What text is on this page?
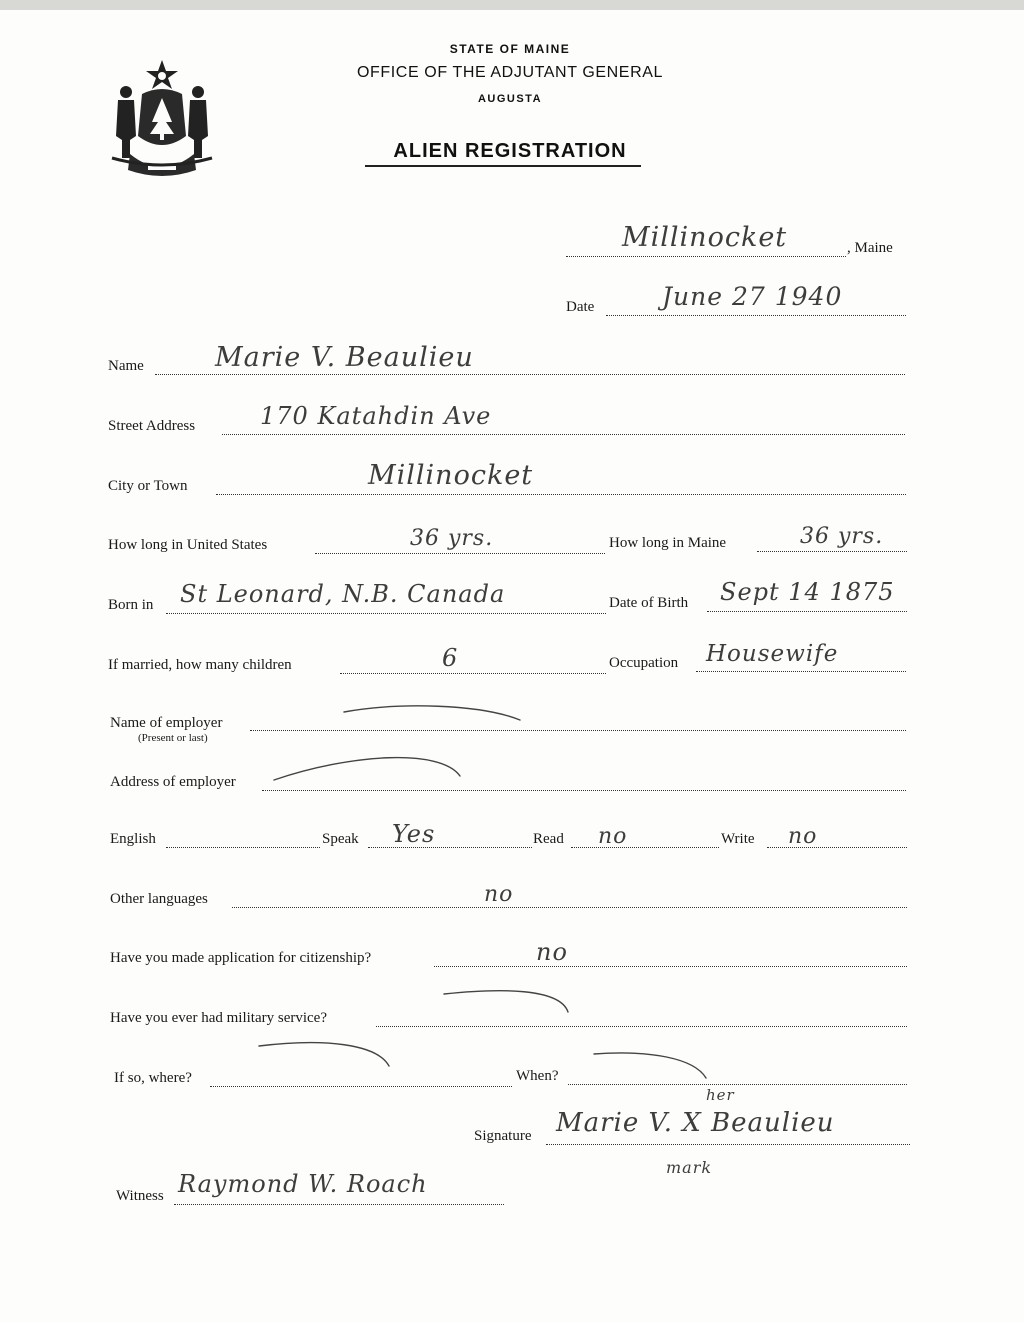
STATE OF MAINE
OFFICE OF THE ADJUTANT GENERAL
AUGUSTA
ALIEN REGISTRATION
Millinocket	, Maine
Date	June 27 1940
Name	Marie V. Beaulieu
Street Address	170 Katahdin Ave
City or Town	Millinocket
How long in United States	36 yrs.	How long in Maine	36 yrs.
Born in St Leonard, N.B. Canada	Date of Birth Sept 14 1875
If married, how many children	6	Occupation Housewife
Name of employer
(Present or last)
Address of employer
English	Speak Yes	Read no	Write no
Other languages	no
Have you made application for citizenship?	no
Have you ever had military service?
If so, where?	When?
her
Signature Marie V. X Beaulieu
mark
Witness Raymond W. Roach
